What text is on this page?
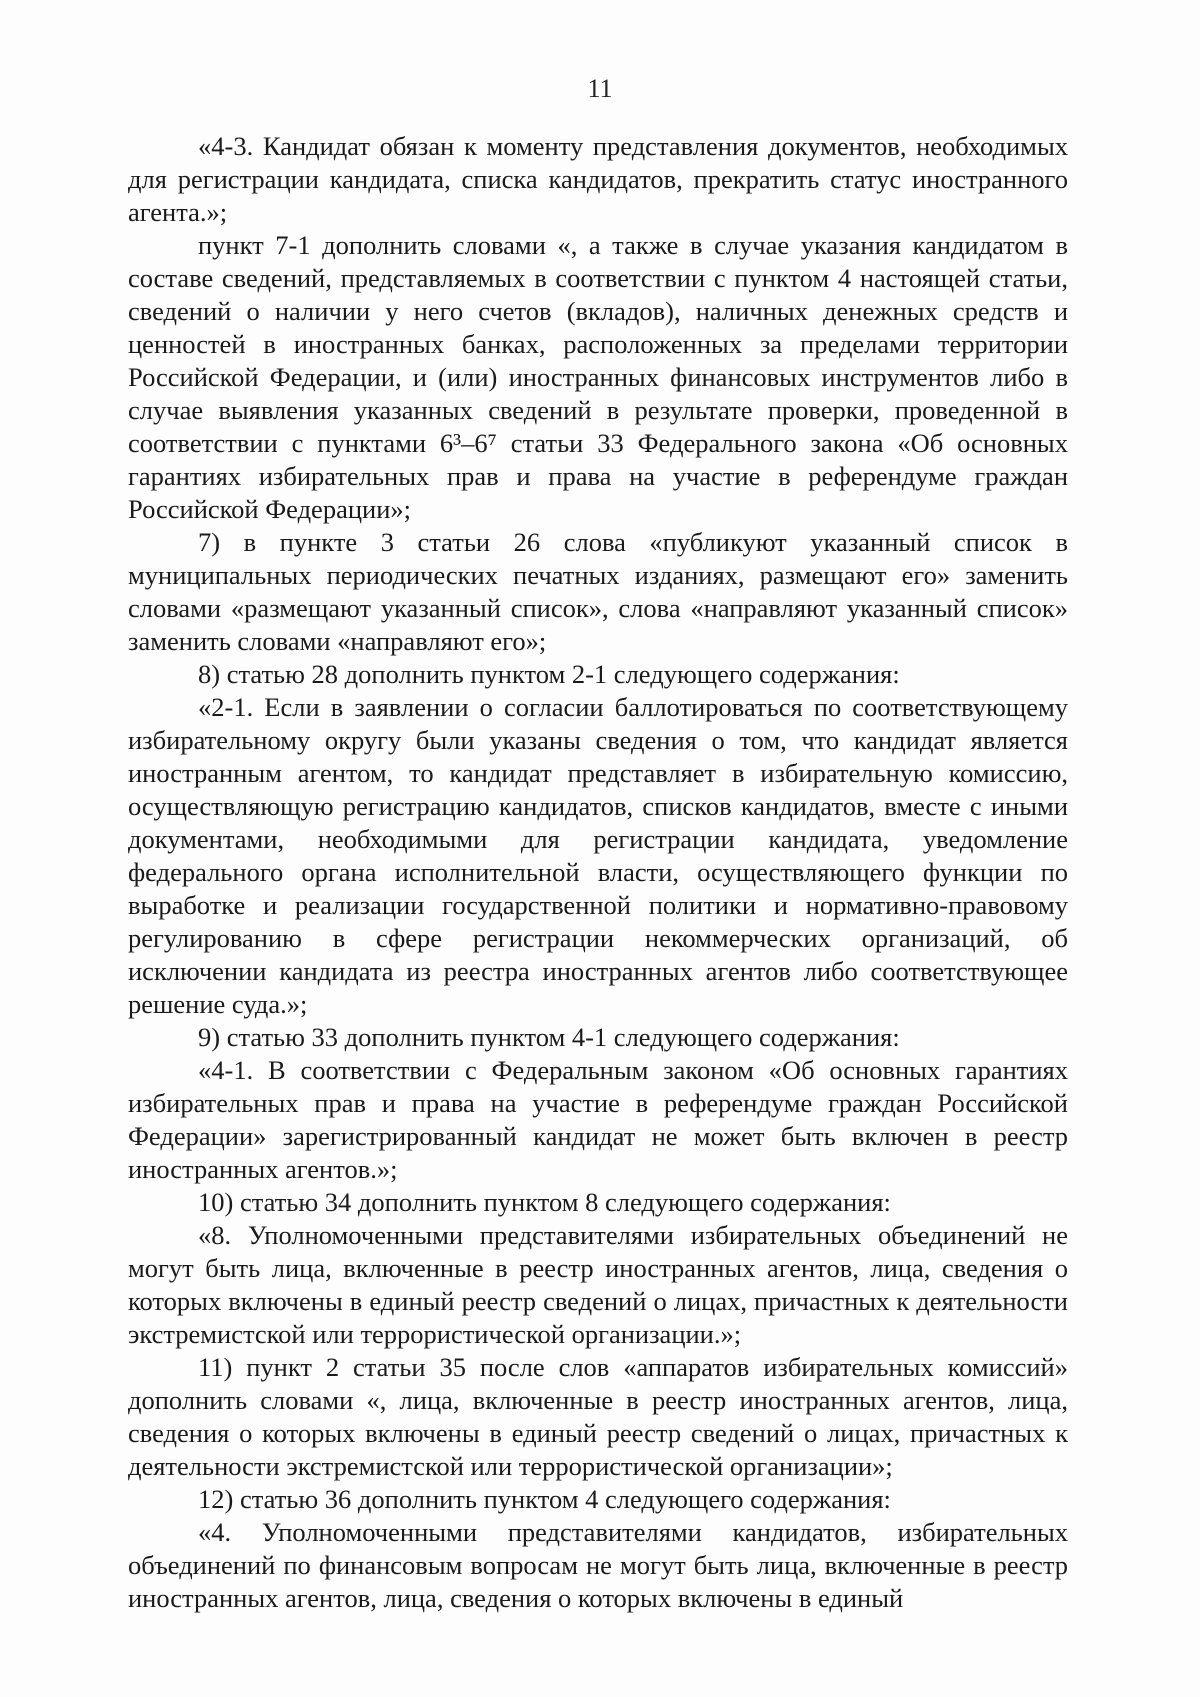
11

«4-3. Кандидат обязан к моменту представления документов, необходимых для регистрации кандидата, списка кандидатов, прекратить статус иностранного агента.»;

пункт 7-1 дополнить словами «, а также в случае указания кандидатом в составе сведений, представляемых в соответствии с пунктом 4 настоящей статьи, сведений о наличии у него счетов (вкладов), наличных денежных средств и ценностей в иностранных банках, расположенных за пределами территории Российской Федерации, и (или) иностранных финансовых инструментов либо в случае выявления указанных сведений в результате проверки, проведенной в соответствии с пунктами 6³–6⁷ статьи 33 Федерального закона «Об основных гарантиях избирательных прав и права на участие в референдуме граждан Российской Федерации»;

7) в пункте 3 статьи 26 слова «публикуют указанный список в муниципальных периодических печатных изданиях, размещают его» заменить словами «размещают указанный список», слова «направляют указанный список» заменить словами «направляют его»;

8) статью 28 дополнить пунктом 2-1 следующего содержания:

«2-1. Если в заявлении о согласии баллотироваться по соответствующему избирательному округу были указаны сведения о том, что кандидат является иностранным агентом, то кандидат представляет в избирательную комиссию, осуществляющую регистрацию кандидатов, списков кандидатов, вместе с иными документами, необходимыми для регистрации кандидата, уведомление федерального органа исполнительной власти, осуществляющего функции по выработке и реализации государственной политики и нормативно-правовому регулированию в сфере регистрации некоммерческих организаций, об исключении кандидата из реестра иностранных агентов либо соответствующее решение суда.»;

9) статью 33 дополнить пунктом 4-1 следующего содержания:

«4-1. В соответствии с Федеральным законом «Об основных гарантиях избирательных прав и права на участие в референдуме граждан Российской Федерации» зарегистрированный кандидат не может быть включен в реестр иностранных агентов.»;

10) статью 34 дополнить пунктом 8 следующего содержания:

«8. Уполномоченными представителями избирательных объединений не могут быть лица, включенные в реестр иностранных агентов, лица, сведения о которых включены в единый реестр сведений о лицах, причастных к деятельности экстремистской или террористической организации.»;

11) пункт 2 статьи 35 после слов «аппаратов избирательных комиссий» дополнить словами «, лица, включенные в реестр иностранных агентов, лица, сведения о которых включены в единый реестр сведений о лицах, причастных к деятельности экстремистской или террористической организации»;

12) статью 36 дополнить пунктом 4 следующего содержания:

«4. Уполномоченными представителями кандидатов, избирательных объединений по финансовым вопросам не могут быть лица, включенные в реестр иностранных агентов, лица, сведения о которых включены в единый
